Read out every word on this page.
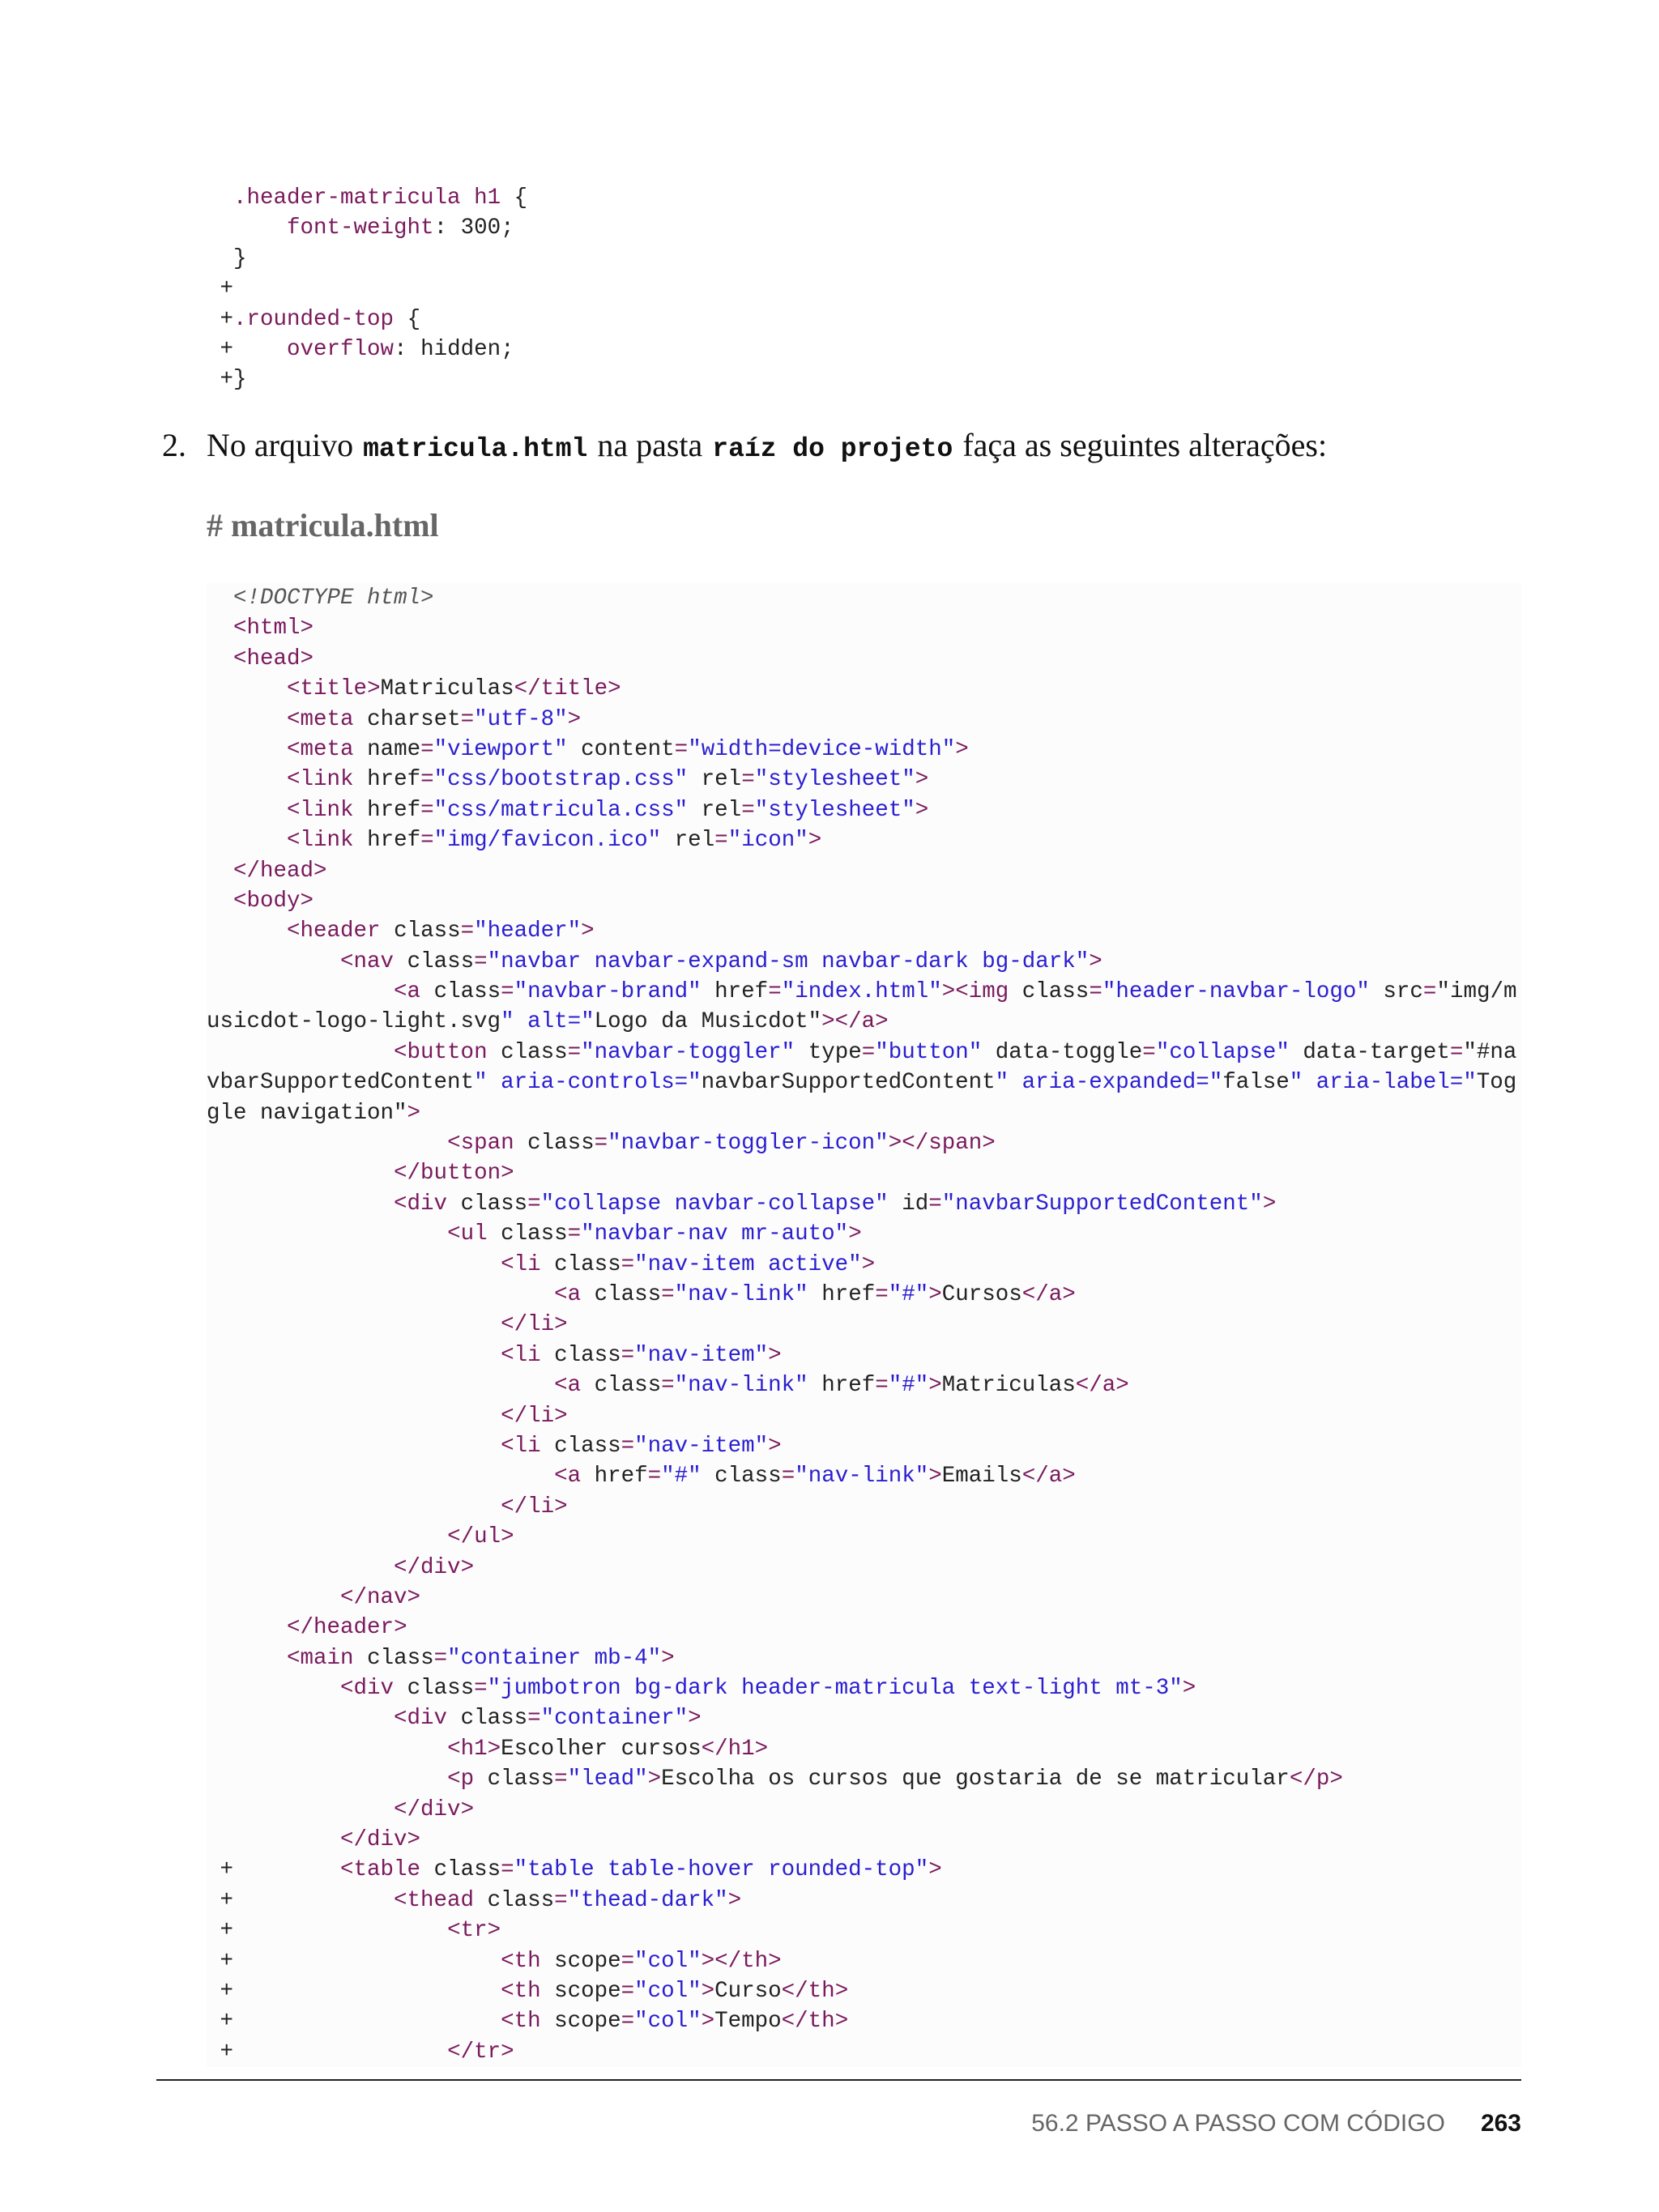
.header-matricula h1 {
font-weight: 300;
}
+
+.rounded-top {
+    overflow: hidden;
+}
2. No arquivo matricula.html na pasta raíz do projeto faça as seguintes alterações:
# matricula.html
<!DOCTYPE html>
<html>
<head>
<title>Matriculas</title>
<meta charset="utf-8">
<meta name="viewport" content="width=device-width">
<link href="css/bootstrap.css" rel="stylesheet">
<link href="css/matricula.css" rel="stylesheet">
<link href="img/favicon.ico" rel="icon">
</head>
<body>
<header class="header">
<nav class="navbar navbar-expand-sm navbar-dark bg-dark">
<a class="navbar-brand" href="index.html"><img class="header-navbar-logo" src="img/m
usicdot-logo-light.svg" alt="Logo da Musicdot"></a>
<button class="navbar-toggler" type="button" data-toggle="collapse" data-target="#na
vbarSupportedContent" aria-controls="navbarSupportedContent" aria-expanded="false" aria-label="Tog
gle navigation">
<span class="navbar-toggler-icon"></span>
</button>
<div class="collapse navbar-collapse" id="navbarSupportedContent">
<ul class="navbar-nav mr-auto">
<li class="nav-item active">
<a class="nav-link" href="#">Cursos</a>
</li>
<li class="nav-item">
<a class="nav-link" href="#">Matriculas</a>
</li>
<li class="nav-item">
<a href="#" class="nav-link">Emails</a>
</li>
</ul>
</div>
</nav>
</header>
<main class="container mb-4">
<div class="jumbotron bg-dark header-matricula text-light mt-3">
<div class="container">
<h1>Escolher cursos</h1>
<p class="lead">Escolha os cursos que gostaria de se matricular</p>
</div>
</div>
+        <table class="table table-hover rounded-top">
+            <thead class="thead-dark">
+                <tr>
+                    <th scope="col"></th>
+                    <th scope="col">Curso</th>
+                    <th scope="col">Tempo</th>
+                </tr>
56.2 PASSO A PASSO COM CÓDIGO 263
